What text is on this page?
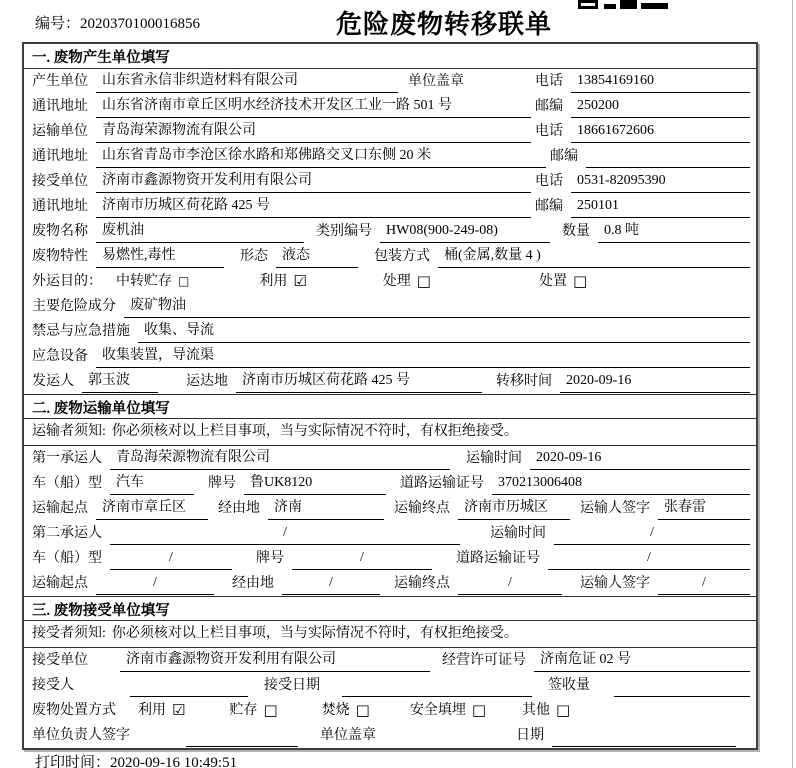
编号：2020370100016856	危险废物转移联单
一. 废物产生单位填写
产生单位	山东省永信非织造材料有限公司	单位盖章	电话	13854169160
通讯地址	山东省济南市章丘区明水经济技术开发区工业一路 501 号	邮编	250200
运输单位	青岛海荣源物流有限公司	电话	18661672606
通讯地址	山东省青岛市李沧区徐水路和郑佛路交叉口东侧 20 米	邮编
接受单位	济南市鑫源物资开发利用有限公司	电话	0531-82095390
通讯地址	济南市历城区荷花路 425 号	邮编	250101
废物名称	废机油	类别编号	HW08(900-249-08)	数量	0.8 吨
废物特性	易燃性,毒性	形态	液态	包装方式	桶(金属,数量 4 )
外运目的： 中转贮存 □	利用 ☑	处理 □	处置 □
主要危险成分	废矿物油
禁忌与应急措施	收集、导流
应急设备	收集装置，导流渠
发运人	郭玉波	运达地	济南市历城区荷花路 425 号	转移时间	2020-09-16
二. 废物运输单位填写
运输者须知: 你必须核对以上栏目事项，当与实际情况不符时，有权拒绝接受。
第一承运人	青岛海荣源物流有限公司	运输时间	2020-09-16
车（船）型	汽车	牌号	鲁UK8120	道路运输证号	370213006408
运输起点	济南市章丘区	经由地	济南	运输终点	济南市历城区	运输人签字	张春雷
第二承运人	/	运输时间	/
车（船）型	/	牌号	/	道路运输证号	/
运输起点	/	经由地	/	运输终点	/	运输人签字	/
三. 废物接受单位填写
接受者须知: 你必须核对以上栏目事项，当与实际情况不符时，有权拒绝接受。
接受单位	济南市鑫源物资开发利用有限公司	经营许可证号	济南危证 02 号
接受人	接受日期	签收量
废物处置方式 利用 ☑	贮存 □	焚烧 □	安全填埋 □	其他 □
单位负责人签字	单位盖章	日期
打印时间：2020-09-16 10:49:51
